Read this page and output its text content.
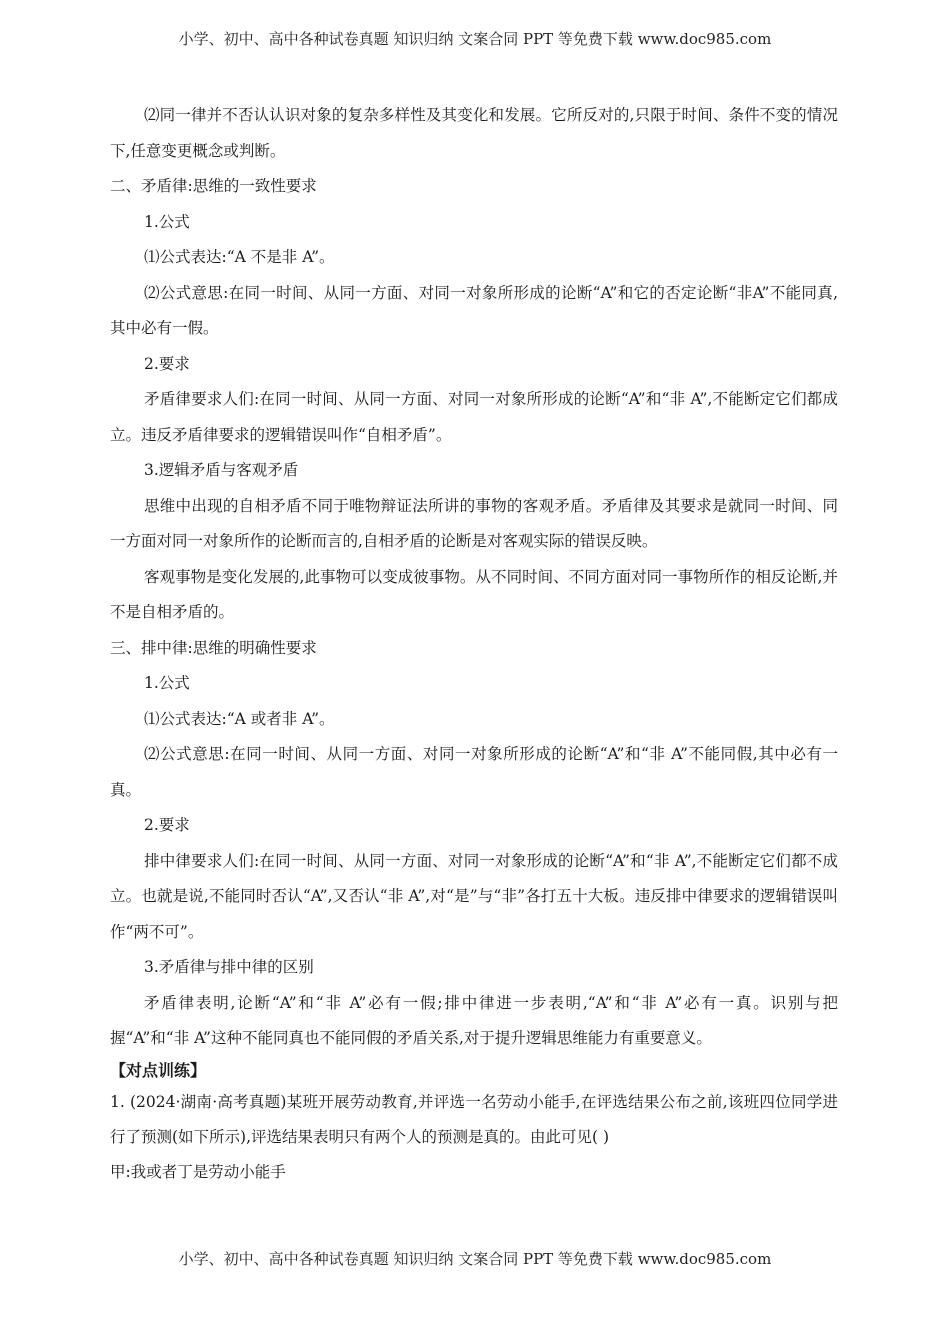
小学、初中、高中各种试卷真题 知识归纳 文案合同 PPT 等免费下载 www.doc985.com

⑵同一律并不否认认识对象的复杂多样性及其变化和发展。它所反对的,只限于时间、条件不变的情况下,任意变更概念或判断。

二、矛盾律:思维的一致性要求

1.公式

⑴公式表达:“A 不是非 A”。

⑵公式意思:在同一时间、从同一方面、对同一对象所形成的论断“A”和它的否定论断“非A”不能同真,其中必有一假。

2.要求

矛盾律要求人们:在同一时间、从同一方面、对同一对象所形成的论断“A”和“非 A”,不能断定它们都成立。违反矛盾律要求的逻辑错误叫作“自相矛盾”。

3.逻辑矛盾与客观矛盾

思维中出现的自相矛盾不同于唯物辩证法所讲的事物的客观矛盾。矛盾律及其要求是就同一时间、同一方面对同一对象所作的论断而言的,自相矛盾的论断是对客观实际的错误反映。

客观事物是变化发展的,此事物可以变成彼事物。从不同时间、不同方面对同一事物所作的相反论断,并不是自相矛盾的。

三、排中律:思维的明确性要求

1.公式

⑴公式表达:“A 或者非 A”。

⑵公式意思:在同一时间、从同一方面、对同一对象所形成的论断“A”和“非 A”不能同假,其中必有一真。

2.要求

排中律要求人们:在同一时间、从同一方面、对同一对象形成的论断“A”和“非 A”,不能断定它们都不成立。也就是说,不能同时否认“A”,又否认“非 A”,对“是”与“非”各打五十大板。违反排中律要求的逻辑错误叫作“两不可”。

3.矛盾律与排中律的区别

矛盾律表明,论断“A”和“非 A”必有一假;排中律进一步表明,“A”和“非 A”必有一真。识别与把握“A”和“非 A”这种不能同真也不能同假的矛盾关系,对于提升逻辑思维能力有重要意义。

【对点训练】

1. (2024·湖南·高考真题)某班开展劳动教育,并评选一名劳动小能手,在评选结果公布之前,该班四位同学进行了预测(如下所示),评选结果表明只有两个人的预测是真的。由此可见( )

甲:我或者丁是劳动小能手

小学、初中、高中各种试卷真题 知识归纳 文案合同 PPT 等免费下载 www.doc985.com
